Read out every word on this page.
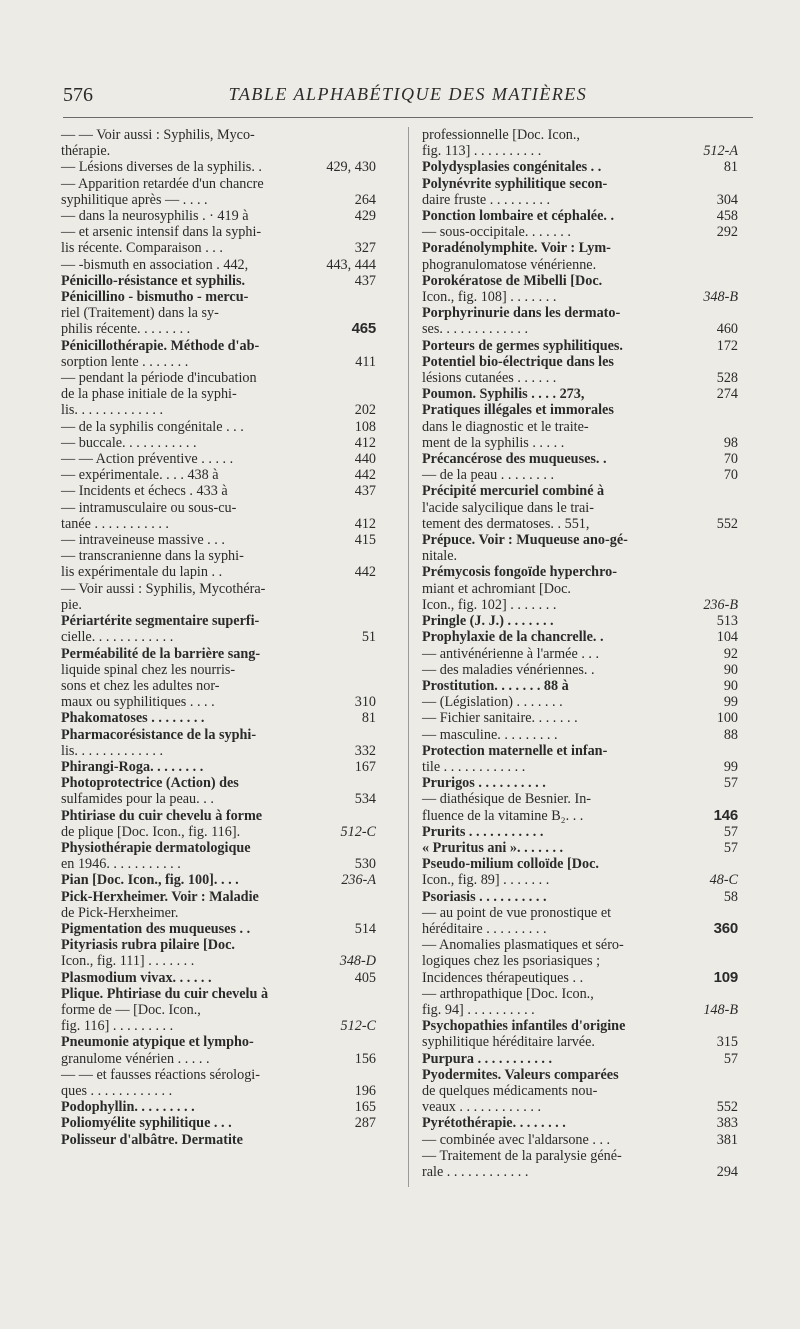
576	TABLE ALPHABÉTIQUE DES MATIÈRES
— — Voir aussi : Syphilis, Myco-
thérapie.
— Lésions diverses de la syphilis. .	429, 430
— Apparition retardée d'un chancre
syphilitique après — . . . .	264
— dans la neurosyphilis . · 419 à	429
— et arsenic intensif dans la syphi-
lis récente. Comparaison . . .	327
— -bismuth en association . 442,	443, 444
Pénicillo-résistance et syphilis.	437
Pénicillino - bismutho - mercu-
riel (Traitement) dans la sy-
philis récente. . . . . . . .	465
Pénicillothérapie. Méthode d'ab-
sorption lente . . . . . . .	411
— pendant la période d'incubation
de la phase initiale de la syphi-
lis. . . . . . . . . . . . .	202
— de la syphilis congénitale . . .	108
— buccale. . . . . . . . . . .	412
— — Action préventive . . . . .	440
— expérimentale. . . . 438 à	442
— Incidents et échecs . 433 à	437
— intramusculaire ou sous-cu-
tanée . . . . . . . . . . .	412
— intraveineuse massive . . .	415
— transcranienne dans la syphi-
lis expérimentale du lapin . .	442
— Voir aussi : Syphilis, Mycothéra-
pie.
Périartérite segmentaire superfi-
cielle. . . . . . . . . . . .	51
Perméabilité de la barrière sang-
liquide spinal chez les nourris-
sons et chez les adultes nor-
maux ou syphilitiques . . . .	310
Phakomatoses . . . . . . . .	81
Pharmacorésistance de la syphi-
lis. . . . . . . . . . . . .	332
Phirangi-Roga. . . . . . . .	167
Photoprotectrice (Action) des
sulfamides pour la peau. . .	534
Phtiriase du cuir chevelu à forme
de plique [Doc. Icon., fig. 116].	512-C
Physiothérapie dermatologique
en 1946. . . . . . . . . . .	530
Pian [Doc. Icon., fig. 100]. . . .	236-A
Pick-Herxheimer. Voir : Maladie
de Pick-Herxheimer.
Pigmentation des muqueuses . .	514
Pityriasis rubra pilaire [Doc.
Icon., fig. 111] . . . . . . .	348-D
Plasmodium vivax. . . . . .	405
Plique. Phtiriase du cuir chevelu à
forme de — [Doc. Icon.,
fig. 116] . . . . . . . . .	512-C
Pneumonie atypique et lympho-
granulome vénérien . . . . .	156
— — et fausses réactions sérologi-
ques . . . . . . . . . . . .	196
Podophyllin. . . . . . . . .	165
Poliomyélite syphilitique . . .	287
Polisseur d'albâtre. Dermatite
professionnelle [Doc. Icon.,
fig. 113] . . . . . . . . . .	512-A
Polydysplasies congénitales . .	81
Polynévrite syphilitique secon-
daire fruste . . . . . . . . .	304
Ponction lombaire et céphalée. .	458
— sous-occipitale. . . . . . .	292
Poradénolymphite. Voir : Lym-
phogranulomatose vénérienne.
Porokératose de Mibelli [Doc.
Icon., fig. 108] . . . . . . .	348-B
Porphyrinurie dans les dermato-
ses. . . . . . . . . . . . .	460
Porteurs de germes syphilitiques.	172
Potentiel bio-électrique dans les
lésions cutanées . . . . . .	528
Poumon. Syphilis . . . . 273,	274
Pratiques illégales et immorales
dans le diagnostic et le traite-
ment de la syphilis . . . . .	98
Précancérose des muqueuses. .	70
— de la peau . . . . . . . .	70
Précipité mercuriel combiné à
l'acide salycilique dans le trai-
tement des dermatoses. . 551,	552
Prépuce. Voir : Muqueuse ano-gé-
nitale.
Prémycosis fongoïde hyperchro-
miant et achromiant [Doc.
Icon., fig. 102] . . . . . . .	236-B
Pringle (J. J.) . . . . . . .	513
Prophylaxie de la chancrelle. .	104
— antivénérienne à l'armée . . .	92
— des maladies vénériennes. .	90
Prostitution. . . . . . . 88 à	90
— (Législation) . . . . . . .	99
— Fichier sanitaire. . . . . . .	100
— masculine. . . . . . . . .	88
Protection maternelle et infan-
tile . . . . . . . . . . . .	99
Prurigos . . . . . . . . . .	57
— diathésique de Besnier. In-
fluence de la vitamine B₂. . .	146
Prurits . . . . . . . . . . .	57
« Pruritus ani ». . . . . . .	57
Pseudo-milium colloïde [Doc.
Icon., fig. 89] . . . . . . .	48-C
Psoriasis . . . . . . . . . .	58
— au point de vue pronostique et
héréditaire . . . . . . . . .	360
— Anomalies plasmatiques et séro-
logiques chez les psoriasiques ;
Incidences thérapeutiques . .	109
— arthropathique [Doc. Icon.,
fig. 94] . . . . . . . . . .	148-B
Psychopathies infantiles d'origine
syphilitique héréditaire larvée.	315
Purpura . . . . . . . . . . .	57
Pyodermites. Valeurs comparées
de quelques médicaments nou-
veaux . . . . . . . . . . . .	552
Pyrétothérapie. . . . . . . .	383
— combinée avec l'aldarsone . . .	381
— Traitement de la paralysie géné-
rale . . . . . . . . . . . .	294
